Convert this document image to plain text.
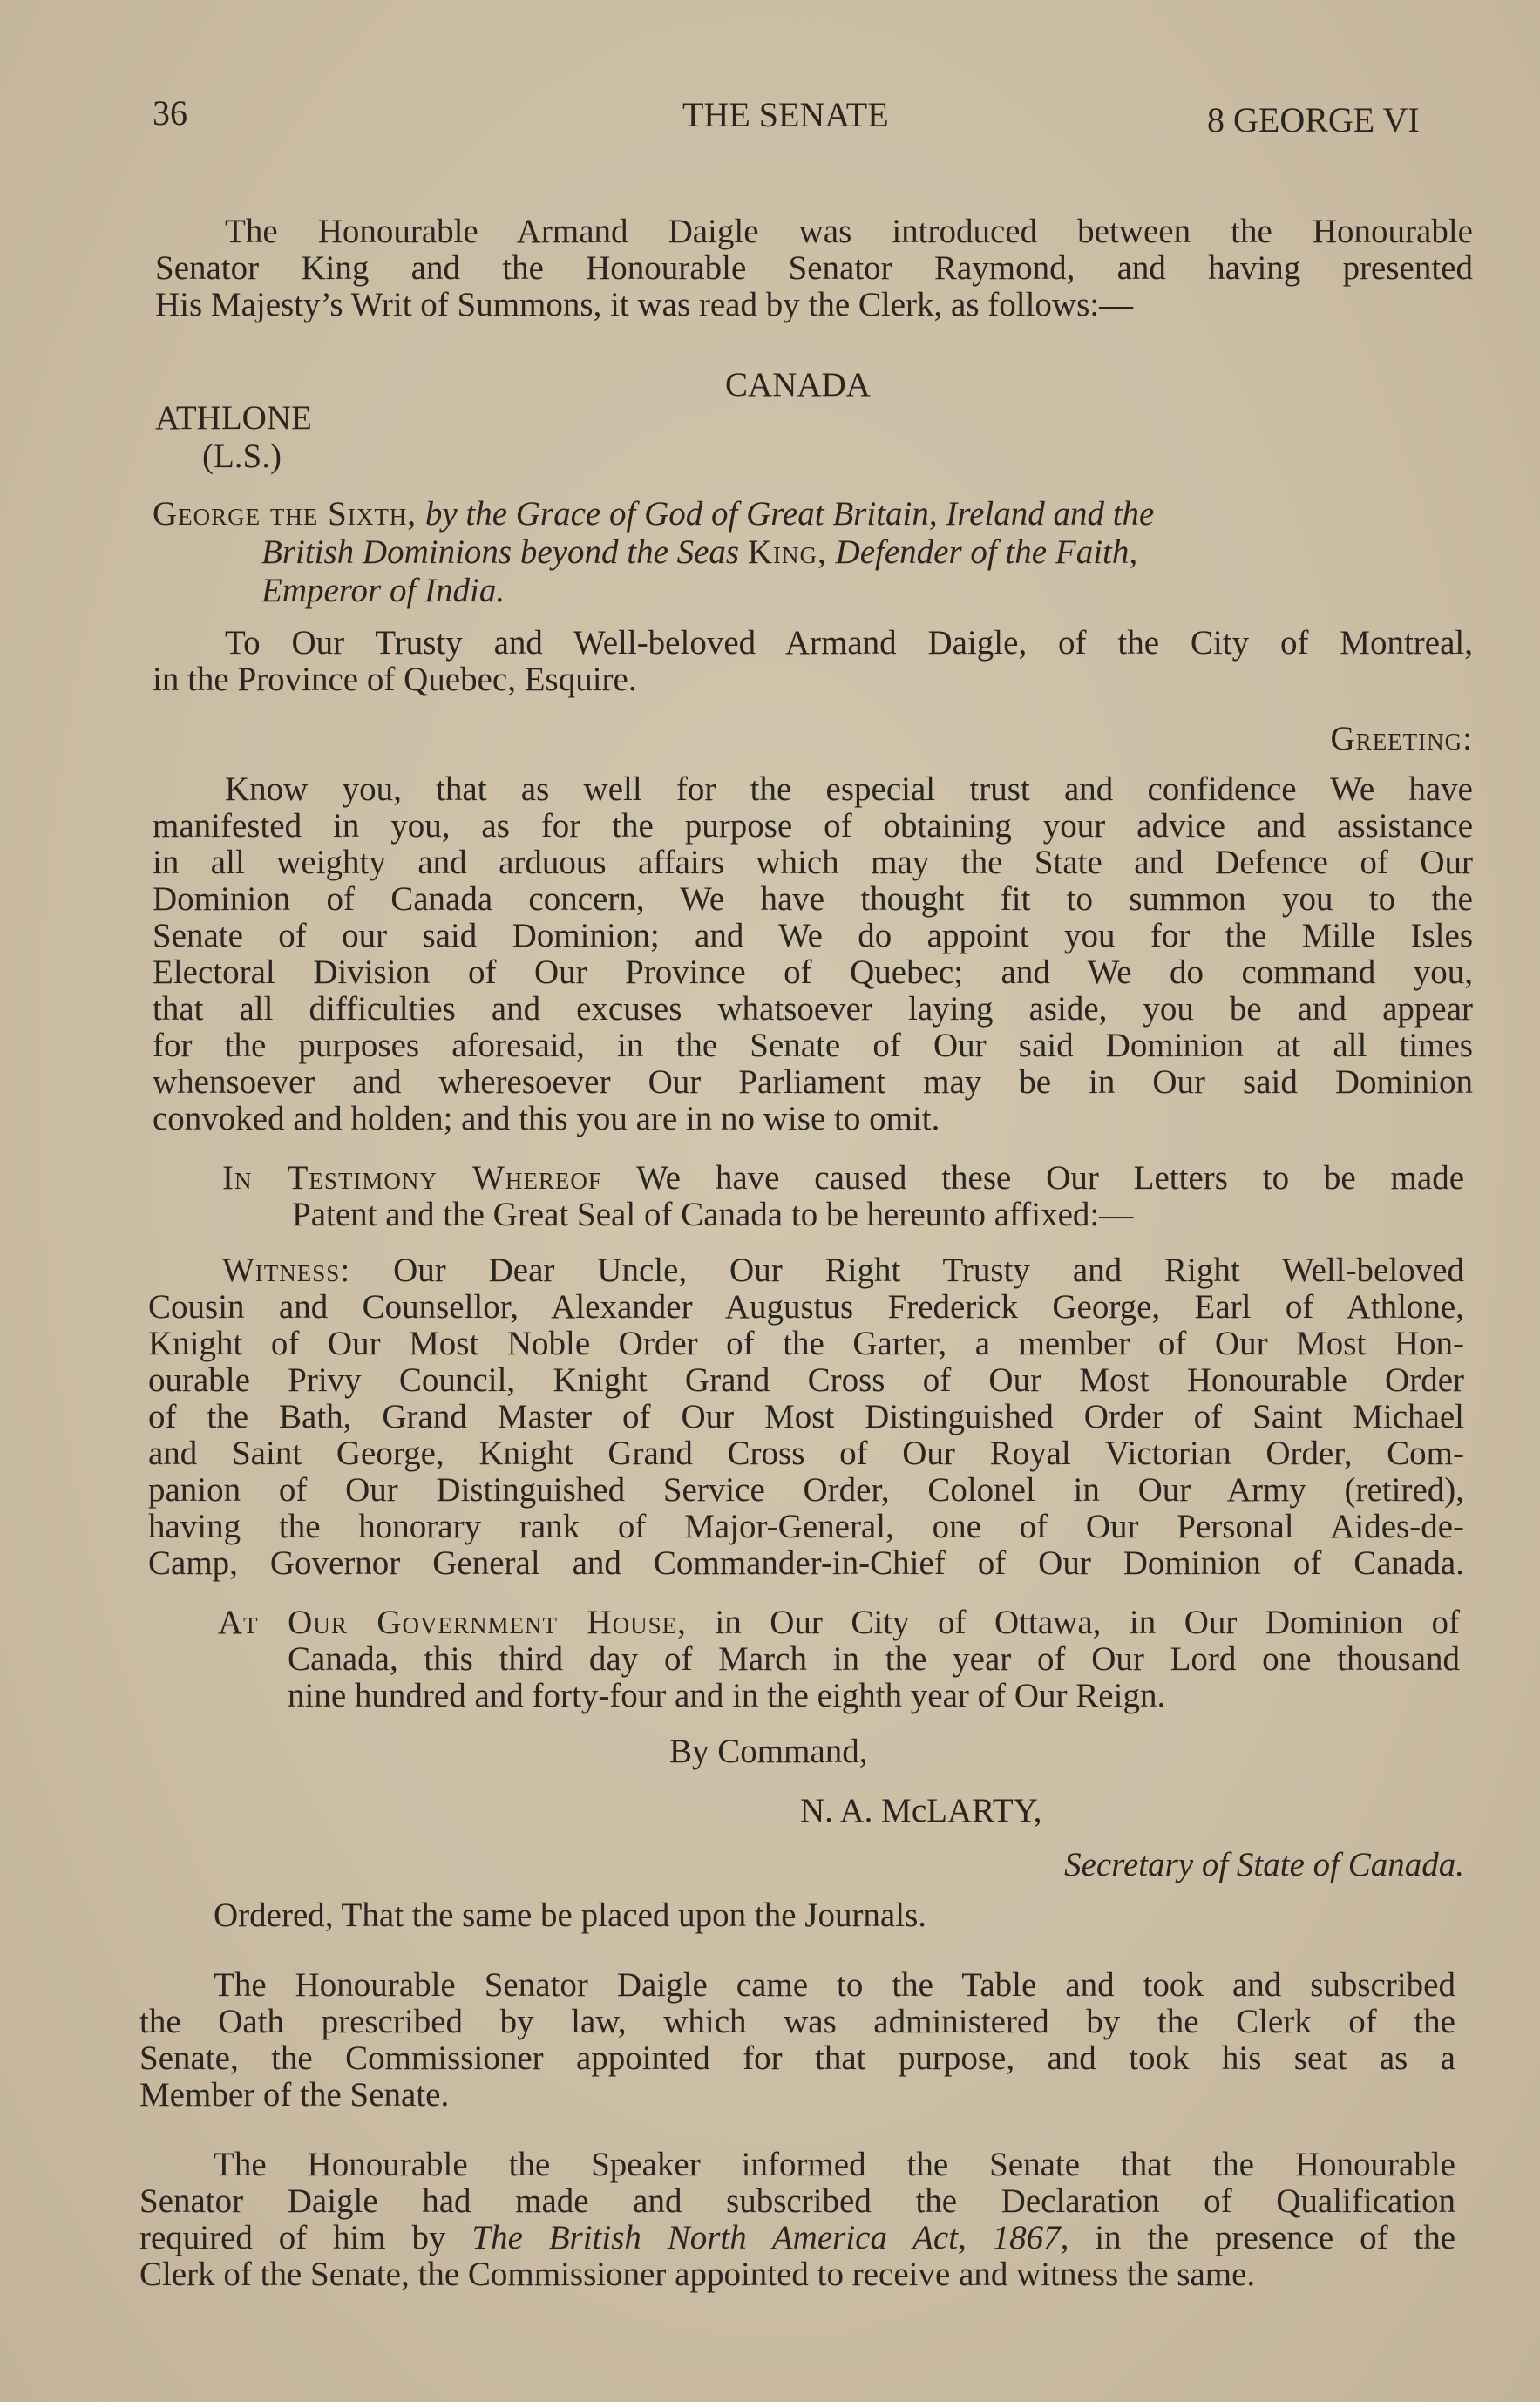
36	THE SENATE	8 GEORGE VI
The Honourable Armand Daigle was introduced between the Honourable
Senator King and the Honourable Senator Raymond, and having presented
His Majesty’s Writ of Summons, it was read by the Clerk, as follows:—
CANADA
ATHLONE
(L.S.)
George the Sixth, by the Grace of God of Great Britain, Ireland and the
British Dominions beyond the Seas King, Defender of the Faith,
Emperor of India.
To Our Trusty and Well-beloved Armand Daigle, of the City of Montreal,
in the Province of Quebec, Esquire.
Greeting:
Know you, that as well for the especial trust and confidence We have
manifested in you, as for the purpose of obtaining your advice and assistance
in all weighty and arduous affairs which may the State and Defence of Our
Dominion of Canada concern, We have thought fit to summon you to the
Senate of our said Dominion; and We do appoint you for the Mille Isles
Electoral Division of Our Province of Quebec; and We do command you,
that all difficulties and excuses whatsoever laying aside, you be and appear
for the purposes aforesaid, in the Senate of Our said Dominion at all times
whensoever and wheresoever Our Parliament may be in Our said Dominion
convoked and holden; and this you are in no wise to omit.
In Testimony Whereof We have caused these Our Letters to be made
Patent and the Great Seal of Canada to be hereunto affixed:—
Witness: Our Dear Uncle, Our Right Trusty and Right Well-beloved
Cousin and Counsellor, Alexander Augustus Frederick George, Earl of Athlone,
Knight of Our Most Noble Order of the Garter, a member of Our Most Hon-
ourable Privy Council, Knight Grand Cross of Our Most Honourable Order
of the Bath, Grand Master of Our Most Distinguished Order of Saint Michael
and Saint George, Knight Grand Cross of Our Royal Victorian Order, Com-
panion of Our Distinguished Service Order, Colonel in Our Army (retired),
having the honorary rank of Major-General, one of Our Personal Aides-de-
Camp, Governor General and Commander-in-Chief of Our Dominion of Canada.
At Our Government House, in Our City of Ottawa, in Our Dominion of
Canada, this third day of March in the year of Our Lord one thousand
nine hundred and forty-four and in the eighth year of Our Reign.
By Command,
N. A. McLARTY,
Secretary of State of Canada.
Ordered, That the same be placed upon the Journals.
The Honourable Senator Daigle came to the Table and took and subscribed
the Oath prescribed by law, which was administered by the Clerk of the
Senate, the Commissioner appointed for that purpose, and took his seat as a
Member of the Senate.
The Honourable the Speaker informed the Senate that the Honourable
Senator Daigle had made and subscribed the Declaration of Qualification
required of him by The British North America Act, 1867, in the presence of the
Clerk of the Senate, the Commissioner appointed to receive and witness the same.
